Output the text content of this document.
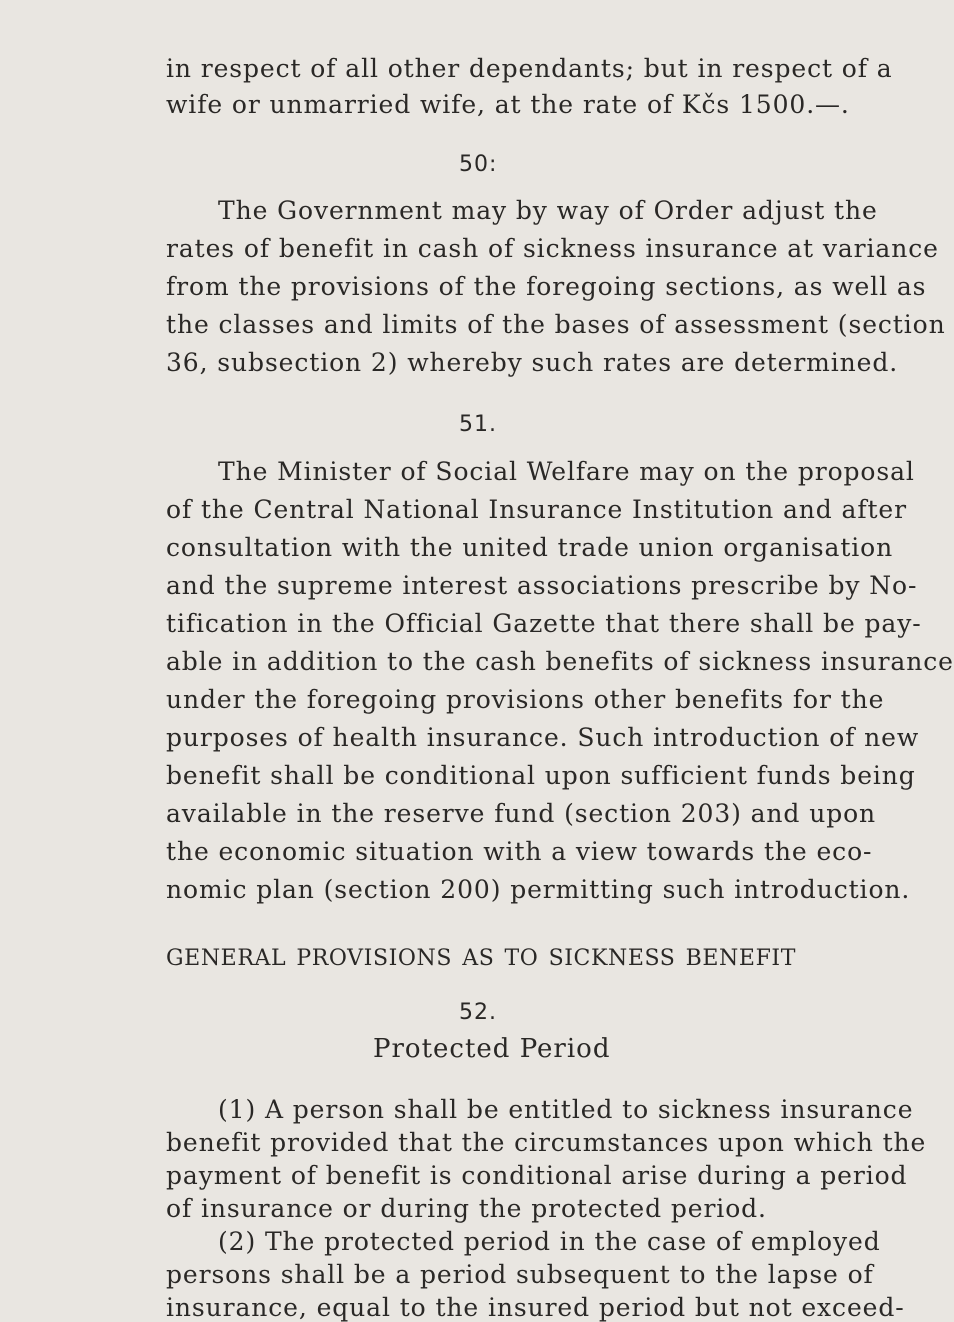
in respect of all other dependants; but in respect of a
wife or unmarried wife, at the rate of Kčs 1500.—.
50:
The Government may by way of Order adjust the
rates of benefit in cash of sickness insurance at variance
from the provisions of the foregoing sections, as well as
the classes and limits of the bases of assessment (section
36, subsection 2) whereby such rates are determined.
51.
The Minister of Social Welfare may on the proposal
of the Central National Insurance Institution and after
consultation with the united trade union organisation
and the supreme interest associations prescribe by No-
tification in the Official Gazette that there shall be pay-
able in addition to the cash benefits of sickness insurance
under the foregoing provisions other benefits for the
purposes of health insurance. Such introduction of new
benefit shall be conditional upon sufficient funds being
available in the reserve fund (section 203) and upon
the economic situation with a view towards the eco-
nomic plan (section 200) permitting such introduction.
GENERAL PROVISIONS AS TO SICKNESS BENEFIT
52.
Protected Period
(1) A person shall be entitled to sickness insurance
benefit provided that the circumstances upon which the
payment of benefit is conditional arise during a period
of insurance or during the protected period.
(2) The protected period in the case of employed
persons shall be a period subsequent to the lapse of
insurance, equal to the insured period but not exceed-
